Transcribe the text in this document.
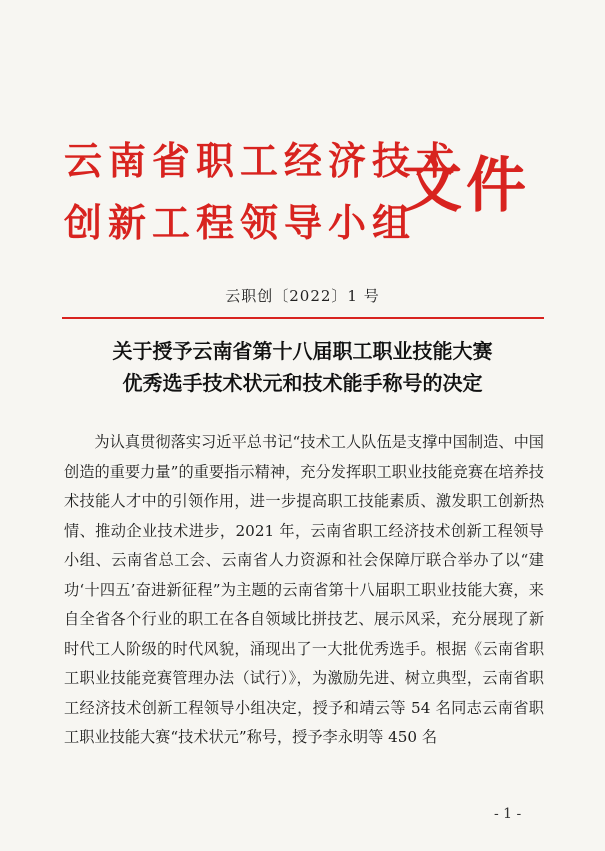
云南省职工经济技术
创新工程领导小组
文件
云职创〔2022〕1 号
关于授予云南省第十八届职工职业技能大赛
优秀选手技术状元和技术能手称号的决定
为认真贯彻落实习近平总书记“技术工人队伍是支撑中国制造、中国创造的重要力量”的重要指示精神，充分发挥职工职业技能竞赛在培养技术技能人才中的引领作用，进一步提高职工技能素质、激发职工创新热情、推动企业技术进步，2021 年，云南省职工经济技术创新工程领导小组、云南省总工会、云南省人力资源和社会保障厅联合举办了以“建功‘十四五’奋进新征程”为主题的云南省第十八届职工职业技能大赛，来自全省各个行业的职工在各自领域比拼技艺、展示风采，充分展现了新时代工人阶级的时代风貌，涌现出了一大批优秀选手。根据《云南省职工职业技能竞赛管理办法（试行）》，为激励先进、树立典型，云南省职工经济技术创新工程领导小组决定，授予和靖云等 54 名同志云南省职工职业技能大赛“技术状元”称号，授予李永明等 450 名
- 1 -
